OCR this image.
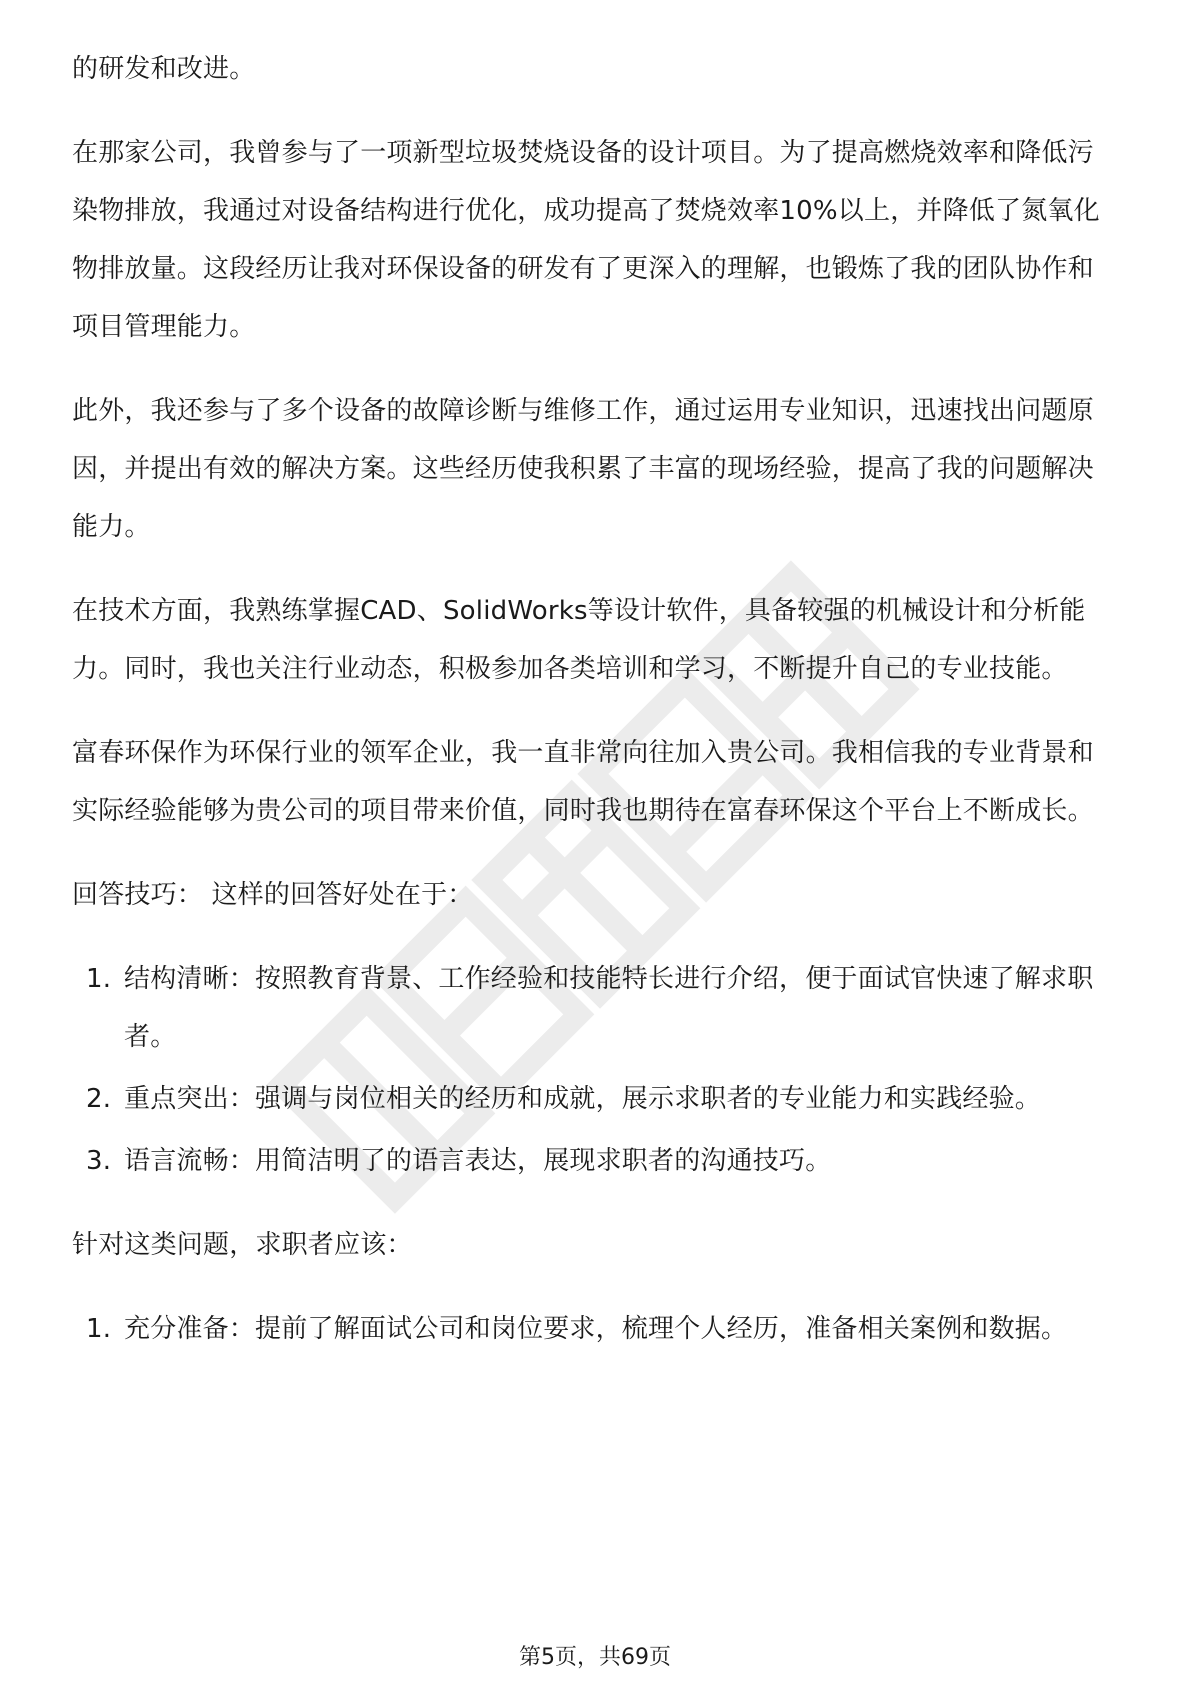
的研发和改进。

在那家公司，我曾参与了一项新型垃圾焚烧设备的设计项目。为了提高燃烧效率和降低污染物排放，我通过对设备结构进行优化，成功提高了焚烧效率10%以上，并降低了氮氧化物排放量。这段经历让我对环保设备的研发有了更深入的理解，也锻炼了我的团队协作和项目管理能力。

此外，我还参与了多个设备的故障诊断与维修工作，通过运用专业知识，迅速找出问题原因，并提出有效的解决方案。这些经历使我积累了丰富的现场经验，提高了我的问题解决能力。

在技术方面，我熟练掌握CAD、SolidWorks等设计软件，具备较强的机械设计和分析能力。同时，我也关注行业动态，积极参加各类培训和学习，不断提升自己的专业技能。

富春环保作为环保行业的领军企业，我一直非常向往加入贵公司。我相信我的专业背景和实际经验能够为贵公司的项目带来价值，同时我也期待在富春环保这个平台上不断成长。

回答技巧： 这样的回答好处在于：

1. 结构清晰：按照教育背景、工作经验和技能特长进行介绍，便于面试官快速了解求职者。
2. 重点突出：强调与岗位相关的经历和成就，展示求职者的专业能力和实践经验。
3. 语言流畅：用简洁明了的语言表达，展现求职者的沟通技巧。

针对这类问题，求职者应该：

1. 充分准备：提前了解面试公司和岗位要求，梳理个人经历，准备相关案例和数据。
第5页，共69页
